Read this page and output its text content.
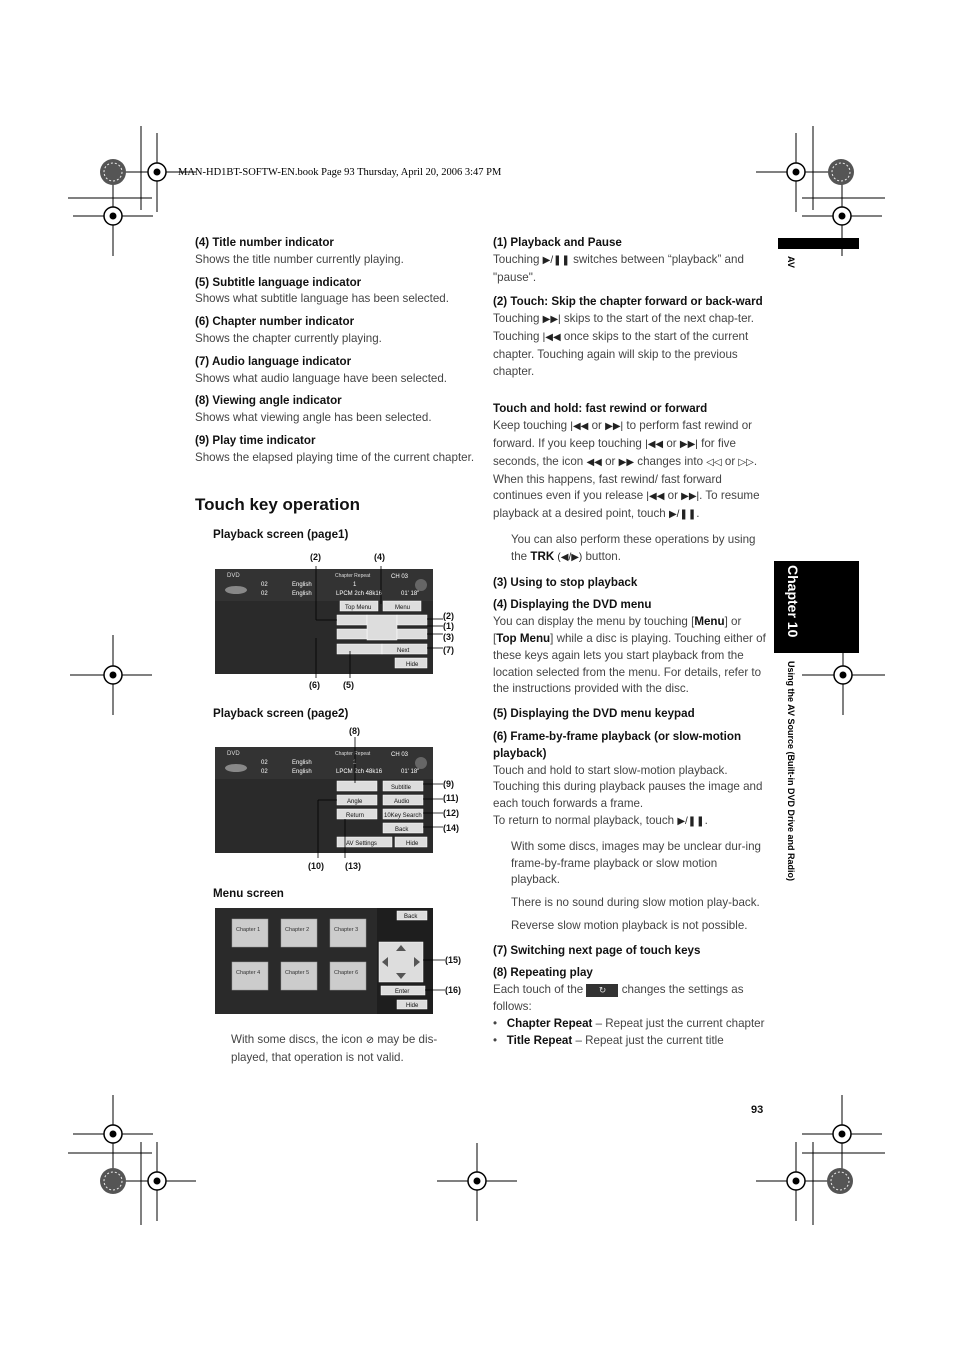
MAN-HD1BT-SOFTW-EN.book Page 93 Thursday, April 20, 2006 3:47 PM
AV
Chapter 10
Using the AV Source (Built-in DVD Drive and Radio)

(4) Title number indicator

Shows the title number currently playing.

(5) Subtitle language indicator

Shows what subtitle language has been selected.

(6) Chapter number indicator

Shows the chapter currently playing.

(7) Audio language indicator

Shows what audio language have been selected.

(8) Viewing angle indicator

Shows what viewing angle has been selected.

(9) Play time indicator

Shows the elapsed playing time of the current chapter.

Touch key operation
Playback screen (page1)
DVD	Chapter Repeat	CH 03
02
02
English
English
1
LPCM 2ch 48k16	01' 18"
Top Menu	Menu
Next
Hide
(2)	(4)
(2)
(1)
(3)
(7)
(6)	(5)
Playback screen (page2)
DVD	Chapter Repeat	CH 03
02
02
English
English
1
LPCM 2ch 48k16	01' 18"
Subtitle
Angle	Audio
Return	10Key Search
Back
AV Settings	Hide
(8)
(9)
(11)
(12)
(14)
(10) (13)
Menu screen
Chapter 1	Chapter 2	Chapter 3
Chapter 4	Chapter 5	Chapter 6
Back
Enter
Hide
(15)
(16)

With some discs, the icon ⊘ may be dis-played, that operation is not valid.

(1) Playback and Pause

Touching ▶/❚❚ switches between “playback” and "pause".

(2) Touch: Skip the chapter forward or back-ward

Touching ▶▶| skips to the start of the next chap-ter. Touching |◀◀ once skips to the start of the current chapter. Touching again will skip to the previous chapter.

Touch and hold: fast rewind or forward

Keep touching |◀◀ or ▶▶| to perform fast rewind or forward. If you keep touching |◀◀ or ▶▶| for five seconds, the icon ◀◀ or ▶▶ changes into ◁◁ or ▷▷. When this happens, fast rewind/ fast forward continues even if you release |◀◀ or ▶▶|. To resume playback at a desired point, touch ▶/❚❚.

You can also perform these operations by using the TRK (◀/▶) button.

(3) Using to stop playback

(4) Displaying the DVD menu

You can display the menu by touching [Menu] or [Top Menu] while a disc is playing. Touching either of these keys again lets you start playback from the location selected from the menu. For details, refer to the instructions provided with the disc.

(5) Displaying the DVD menu keypad

(6) Frame-by-frame playback (or slow-motion playback)

Touch and hold to start slow-motion playback. Touching this during playback pauses the image and each touch forwards a frame.

To return to normal playback, touch ▶/❚❚.

With some discs, images may be unclear dur-ing frame-by-frame playback or slow motion playback.

There is no sound during slow motion play-back.

Reverse slow motion playback is not possible.

(7) Switching next page of touch keys

(8) Repeating play

Each touch of the ↻ changes the settings as follows:

•   Chapter Repeat – Repeat just the current chapter

•   Title Repeat – Repeat just the current title

93
